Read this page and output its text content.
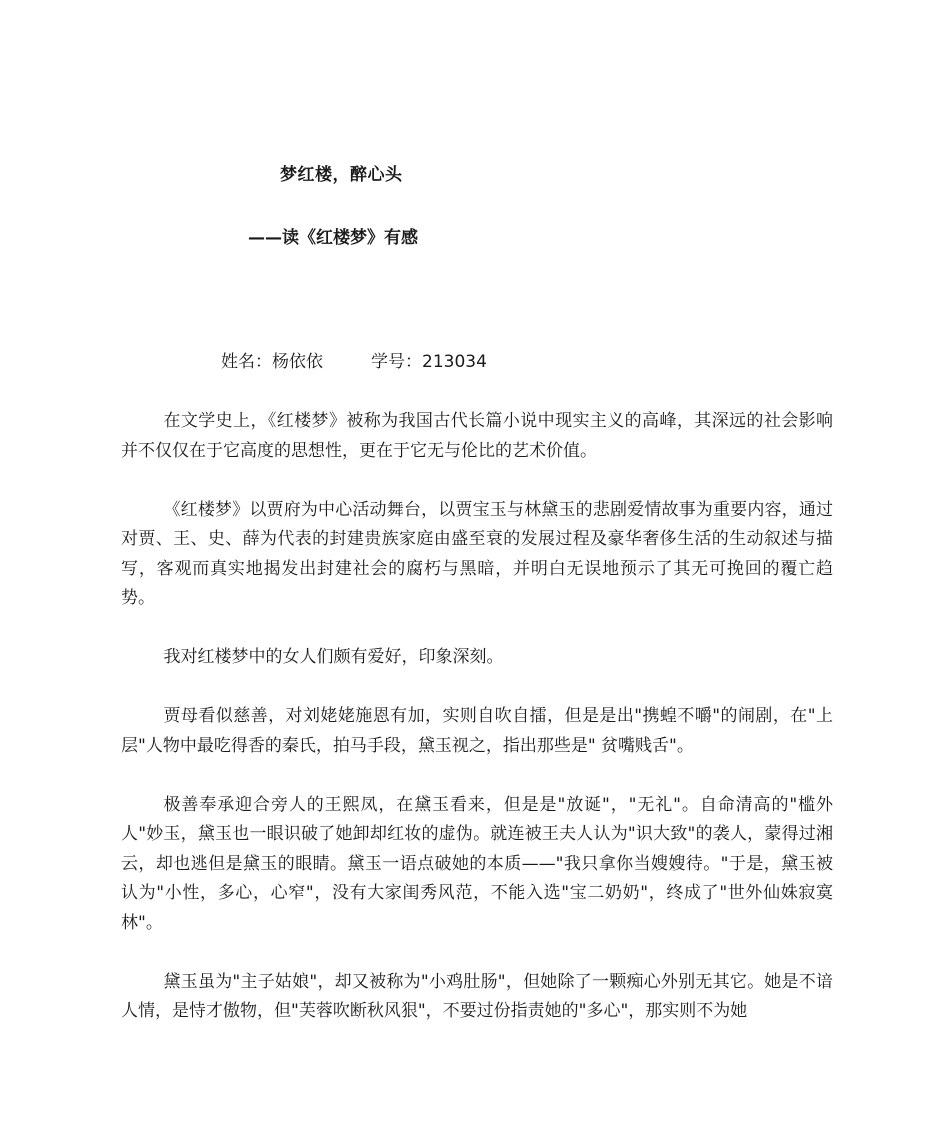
梦红楼，醉心头
——读《红楼梦》有感
姓名：杨依依	学号：213034

在文学史上，《红楼梦》被称为我国古代长篇小说中现实主义的高峰，其深远的社会影响并不仅仅在于它高度的思想性，更在于它无与伦比的艺术价值。

《红楼梦》以贾府为中心活动舞台，以贾宝玉与林黛玉的悲剧爱情故事为重要内容，通过对贾、王、史、薛为代表的封建贵族家庭由盛至衰的发展过程及豪华奢侈生活的生动叙述与描写，客观而真实地揭发出封建社会的腐朽与黑暗，并明白无误地预示了其无可挽回的覆亡趋势。

我对红楼梦中的女人们颇有爱好，印象深刻。

贾母看似慈善，对刘姥姥施恩有加，实则自吹自擂，但是是出"携蝗不嚼"的闹剧，在"上层"人物中最吃得香的秦氏，拍马手段，黛玉视之，指出那些是" 贫嘴贱舌"。

极善奉承迎合旁人的王熙凤，在黛玉看来，但是是"放诞"，"无礼"。自命清高的"槛外人"妙玉，黛玉也一眼识破了她卸却红妆的虚伪。就连被王夫人认为"识大致"的袭人，蒙得过湘云，却也逃但是黛玉的眼睛。黛玉一语点破她的本质——"我只拿你当嫂嫂待。"于是，黛玉被认为"小性，多心，心窄"，没有大家闺秀风范，不能入选"宝二奶奶"，终成了"世外仙姝寂寞林"。

黛玉虽为"主子姑娘"，却又被称为"小鸡肚肠"，但她除了一颗痴心外别无其它。她是不谙人情，是恃才傲物，但"芙蓉吹断秋风狠"，不要过份指责她的"多心"，那实则不为她
